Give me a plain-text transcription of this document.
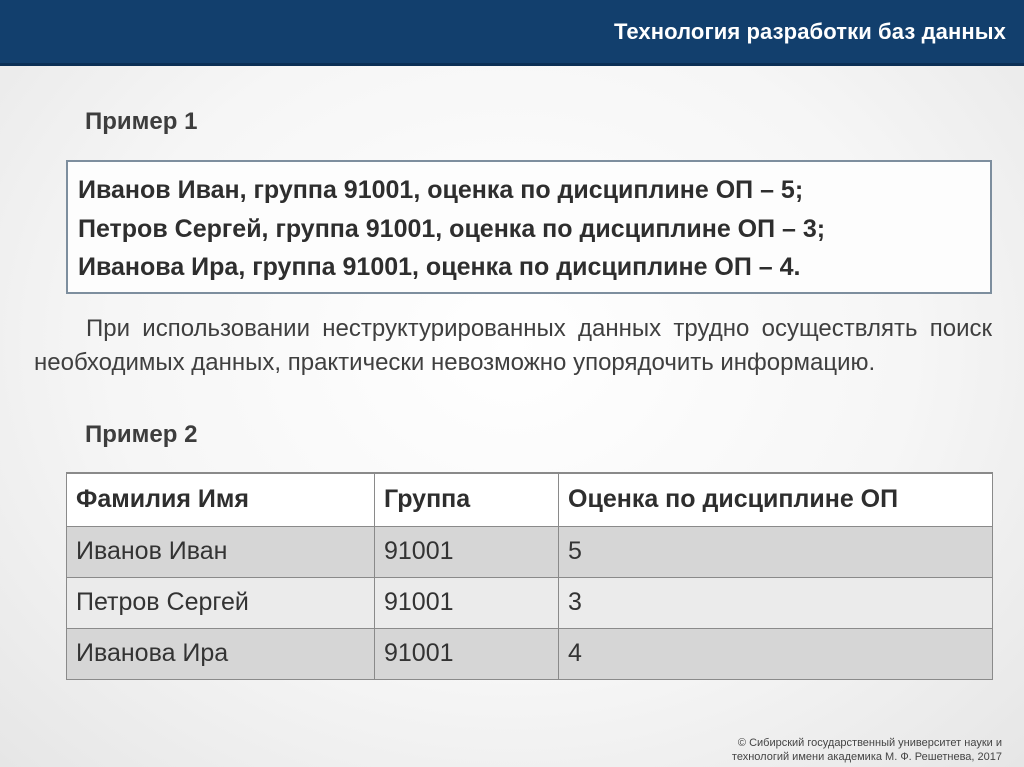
Технология разработки баз данных
Пример 1
Иванов Иван, группа 91001, оценка по дисциплине ОП – 5;
Петров Сергей, группа 91001, оценка по дисциплине ОП – 3;
Иванова Ира, группа 91001, оценка по дисциплине ОП – 4.
При использовании неструктурированных данных трудно осуществлять поиск необходимых данных, практически невозможно упорядочить информацию.
Пример 2
Фамилия Имя	Группа	Оценка по дисциплине ОП
Иванов Иван	91001	5
Петров Сергей	91001	3
Иванова Ира	91001	4
© Сибирский государственный университет науки и
технологий имени академика М. Ф. Решетнева, 2017
